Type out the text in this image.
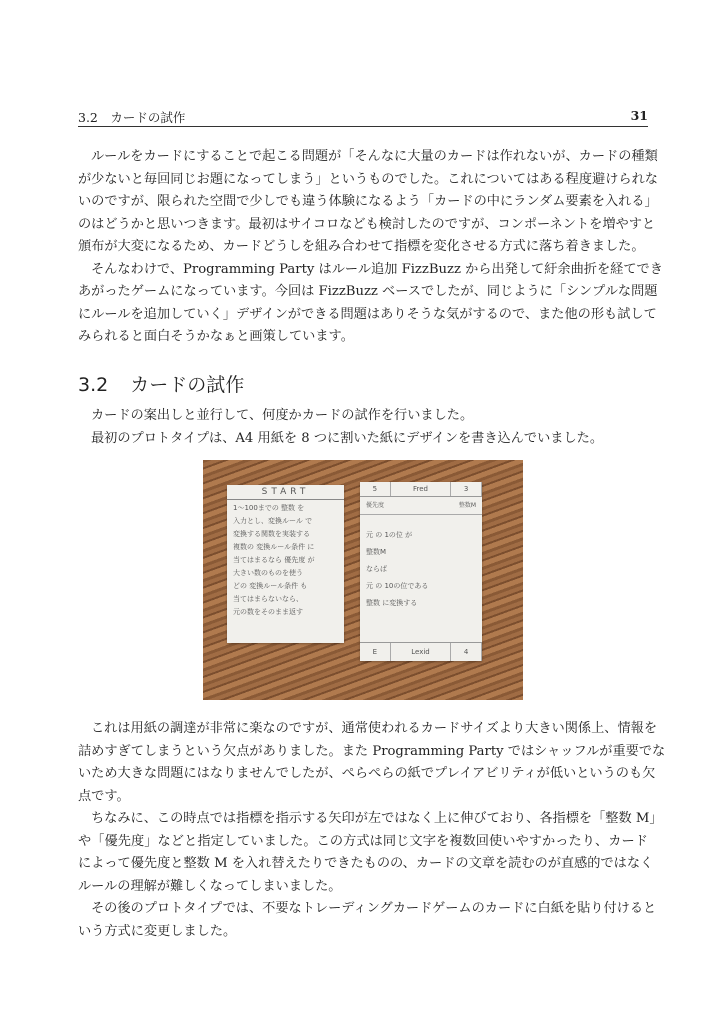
3.2　カードの試作	31
ルールをカードにすることで起こる問題が「そんなに大量のカードは作れないが、カードの種類
が少ないと毎回同じお題になってしまう」というものでした。これについてはある程度避けられな
いのですが、限られた空間で少しでも違う体験になるよう「カードの中にランダム要素を入れる」
のはどうかと思いつきます。最初はサイコロなども検討したのですが、コンポーネントを増やすと
頒布が大変になるため、カードどうしを組み合わせて指標を変化させる方式に落ち着きました。
そんなわけで、Programming Party はルール追加 FizzBuzz から出発して紆余曲折を経てでき
あがったゲームになっています。今回は FizzBuzz ベースでしたが、同じように「シンプルな問題
にルールを追加していく」デザインができる問題はありそうな気がするので、また他の形も試して
みられると面白そうかなぁと画策しています。
3.2 カードの試作
カードの案出しと並行して、何度かカードの試作を行いました。
最初のプロトタイプは、A4 用紙を 8 つに割いた紙にデザインを書き込んでいました。
START
1〜100までの 整数 を
入力とし、変換ルール で
変換する関数を実装する
複数の 変換ルール条件 に
当てはまるなら 優先度 が
大きい数のものを使う
どの 変換ルール条件 も
当てはまらないなら、
元の数をそのまま返す
5	Fred	3
優先度	整数M
元 の 1の位 が
整数M
ならば
元 の 10の位である
整数 に変換する
E	Lexid	4
これは用紙の調達が非常に楽なのですが、通常使われるカードサイズより大きい関係上、情報を
詰めすぎてしまうという欠点がありました。また Programming Party ではシャッフルが重要でな
いため大きな問題にはなりませんでしたが、ぺらぺらの紙でプレイアビリティが低いというのも欠
点です。
ちなみに、この時点では指標を指示する矢印が左ではなく上に伸びており、各指標を「整数 M」
や「優先度」などと指定していました。この方式は同じ文字を複数回使いやすかったり、カード
によって優先度と整数 M を入れ替えたりできたものの、カードの文章を読むのが直感的ではなく
ルールの理解が難しくなってしまいました。
その後のプロトタイプでは、不要なトレーディングカードゲームのカードに白紙を貼り付けると
いう方式に変更しました。
